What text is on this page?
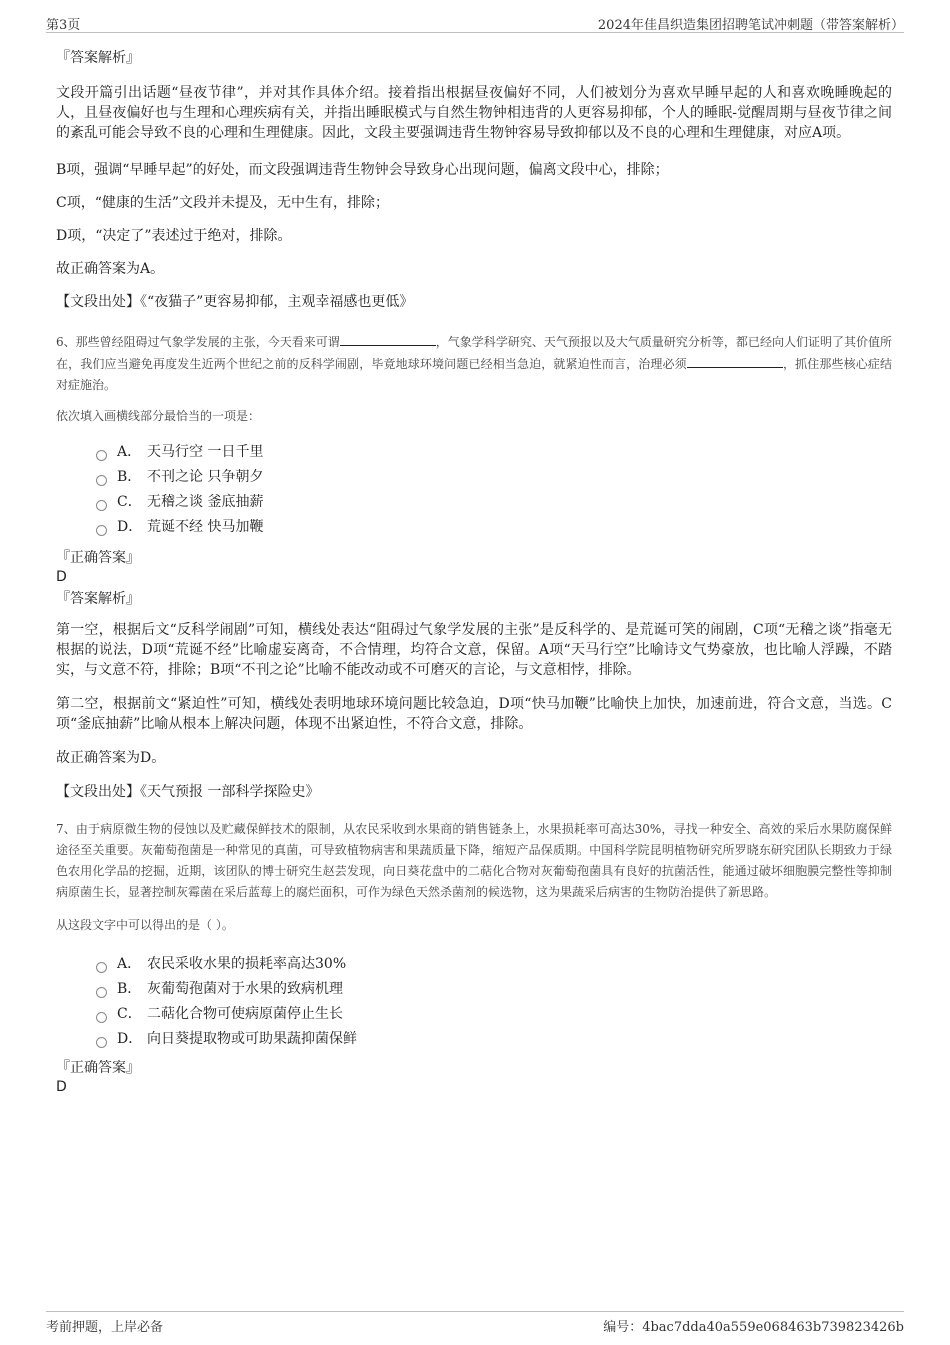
第3页	2024年佳昌织造集团招聘笔试冲刺题（带答案解析）

『答案解析』

文段开篇引出话题“昼夜节律”，并对其作具体介绍。接着指出根据昼夜偏好不同，人们被划分为喜欢早睡早起的人和喜欢晚睡晚起的人，且昼夜偏好也与生理和心理疾病有关，并指出睡眠模式与自然生物钟相违背的人更容易抑郁，个人的睡眠-觉醒周期与昼夜节律之间的紊乱可能会导致不良的心理和生理健康。因此，文段主要强调违背生物钟容易导致抑郁以及不良的心理和生理健康，对应A项。

B项，强调“早睡早起”的好处，而文段强调违背生物钟会导致身心出现问题，偏离文段中心，排除；

C项，“健康的生活”文段并未提及，无中生有，排除；

D项，“决定了”表述过于绝对，排除。

故正确答案为A。

【文段出处】《“夜猫子”更容易抑郁，主观幸福感也更低》

6、那些曾经阻碍过气象学发展的主张，今天看来可谓	，气象学科学研究、天气预报以及大气质量研究分析等，都已经向人们证明了其价值所在，我们应当避免再度发生近两个世纪之前的反科学闹剧，毕竟地球环境问题已经相当急迫，就紧迫性而言，治理必须	，抓住那些核心症结对症施治。

依次填入画横线部分最恰当的一项是：

A． 天马行空 一日千里
B． 不刊之论 只争朝夕
C． 无稽之谈 釜底抽薪
D． 荒诞不经 快马加鞭

『正确答案』

D

『答案解析』

第一空，根据后文“反科学闹剧”可知，横线处表达“阻碍过气象学发展的主张”是反科学的、是荒诞可笑的闹剧，C项“无稽之谈”指毫无根据的说法，D项“荒诞不经”比喻虚妄离奇，不合情理，均符合文意，保留。A项“天马行空”比喻诗文气势豪放，也比喻人浮躁，不踏实，与文意不符，排除；B项“不刊之论”比喻不能改动或不可磨灭的言论，与文意相悖，排除。

第二空，根据前文“紧迫性”可知，横线处表明地球环境问题比较急迫，D项“快马加鞭”比喻快上加快，加速前进，符合文意，当选。C项“釜底抽薪”比喻从根本上解决问题，体现不出紧迫性，不符合文意，排除。

故正确答案为D。

【文段出处】《天气预报 一部科学探险史》

7、由于病原微生物的侵蚀以及贮藏保鲜技术的限制，从农民采收到水果商的销售链条上，水果损耗率可高达30%，寻找一种安全、高效的采后水果防腐保鲜途径至关重要。灰葡萄孢菌是一种常见的真菌，可导致植物病害和果蔬质量下降，缩短产品保质期。中国科学院昆明植物研究所罗晓东研究团队长期致力于绿色农用化学品的挖掘，近期，该团队的博士研究生赵芸发现，向日葵花盘中的二萜化合物对灰葡萄孢菌具有良好的抗菌活性，能通过破坏细胞膜完整性等抑制病原菌生长，显著控制灰霉菌在采后蓝莓上的腐烂面积，可作为绿色天然杀菌剂的候选物，这为果蔬采后病害的生物防治提供了新思路。

从这段文字中可以得出的是（ ）。

A． 农民采收水果的损耗率高达30%
B． 灰葡萄孢菌对于水果的致病机理
C． 二萜化合物可使病原菌停止生长
D． 向日葵提取物或可助果蔬抑菌保鲜

『正确答案』

D

考前押题，上岸必备	编号：4bac7dda40a559e068463b739823426b
